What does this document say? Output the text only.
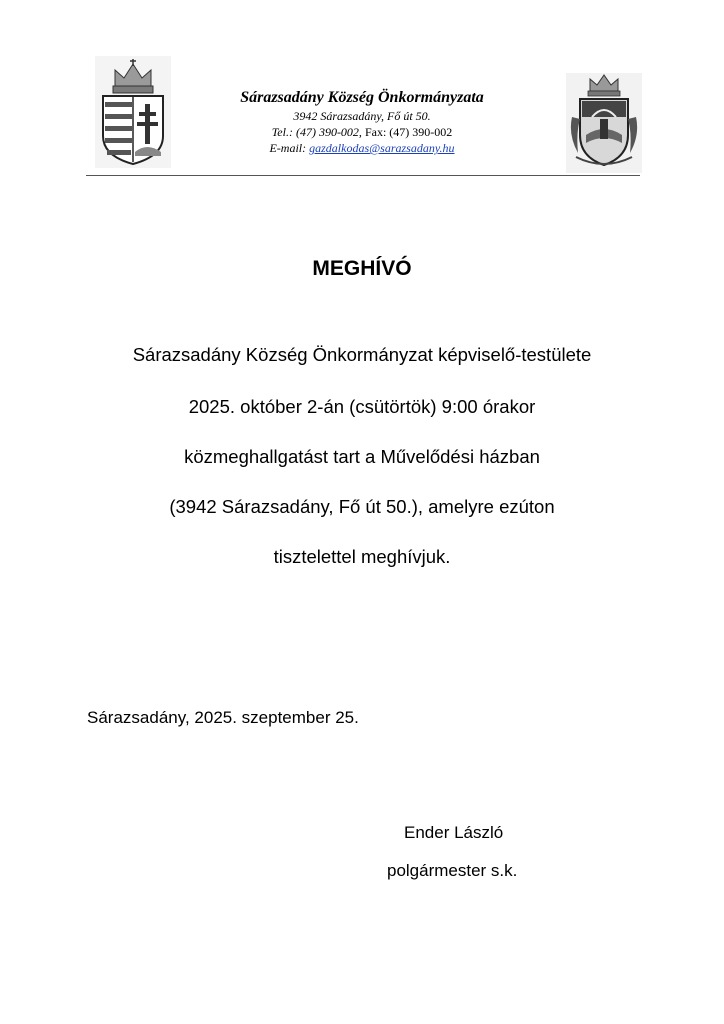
Sárazsadány Község Önkormányzata
3942 Sárazsadány, Fő út 50.
Tel.: (47) 390-002, Fax: (47) 390-002
E-mail: gazdalkodas@sarazsadany.hu
MEGHÍVÓ
Sárazsadány Község Önkormányzat képviselő-testülete
2025. október 2-án (csütörtök) 9:00 órakor
közmeghallgatást tart a Művelődési házban
(3942 Sárazsadány, Fő út 50.), amelyre ezúton
tisztelettel meghívjuk.
Sárazsadány, 2025. szeptember 25.
Ender László
polgármester s.k.
